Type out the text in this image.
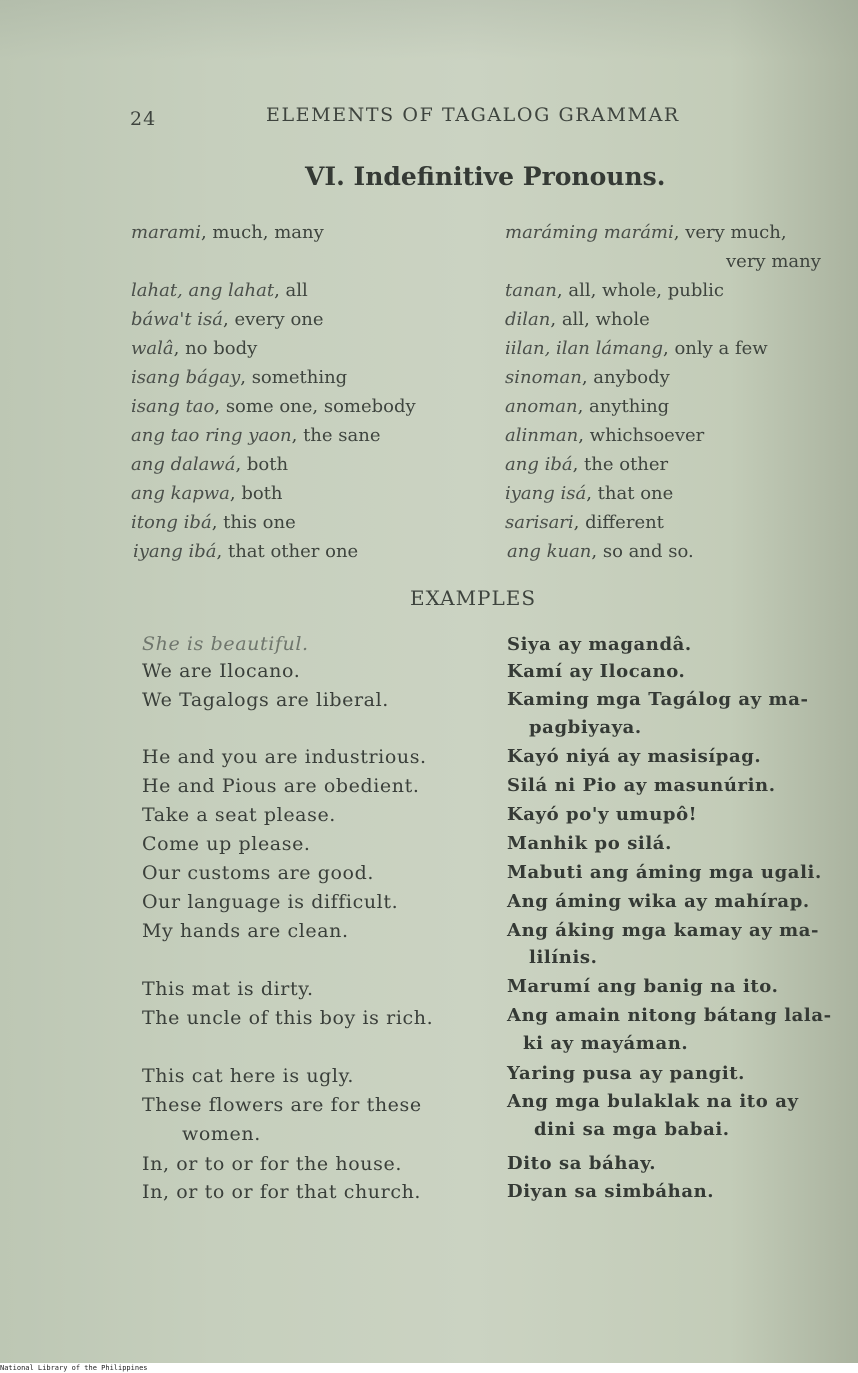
24	ELEMENTS OF TAGALOG GRAMMAR
VI. Indefinitive Pronouns.
marami, much, many
lahat, ang lahat, all
báwa't isá, every one
walâ, no body
isang bágay, something
isang tao, some one, somebody
ang tao ring yaon, the sane
ang dalawá, both
ang kapwa, both
itong ibá, this one
iyang ibá, that other one
maráming marámi, very much,
very many
tanan, all, whole, public
dilan, all, whole
iilan, ilan lámang, only a few
sinoman, anybody
anoman, anything
alinman, whichsoever
ang ibá, the other
iyang isá, that one
sarisari, different
ang kuan, so and so.
EXAMPLES
She is beautiful.
We are Ilocano.
We Tagalogs are liberal.
He and you are industrious.
He and Pious are obedient.
Take a seat please.
Come up please.
Our customs are good.
Our language is difficult.
My hands are clean.
This mat is dirty.
The uncle of this boy is rich.
This cat here is ugly.
These flowers are for these
women.
In, or to or for the house.
In, or to or for that church.
Siya ay magandâ.
Kamí ay Ilocano.
Kaming mga Tagálog ay ma-
pagbiyaya.
Kayó niyá ay masisípag.
Silá ni Pio ay masunúrin.
Kayó po'y umupô!
Manhik po silá.
Mabuti ang áming mga ugali.
Ang áming wika ay mahírap.
Ang áking mga kamay ay ma-
lilínis.
Marumí ang banig na ito.
Ang amain nitong bátang lala-
ki ay mayáman.
Yaring pusa ay pangit.
Ang mga bulaklak na ito ay
dini sa mga babai.
Dito sa báhay.
Diyan sa simbáhan.
National Library of the Philippines
